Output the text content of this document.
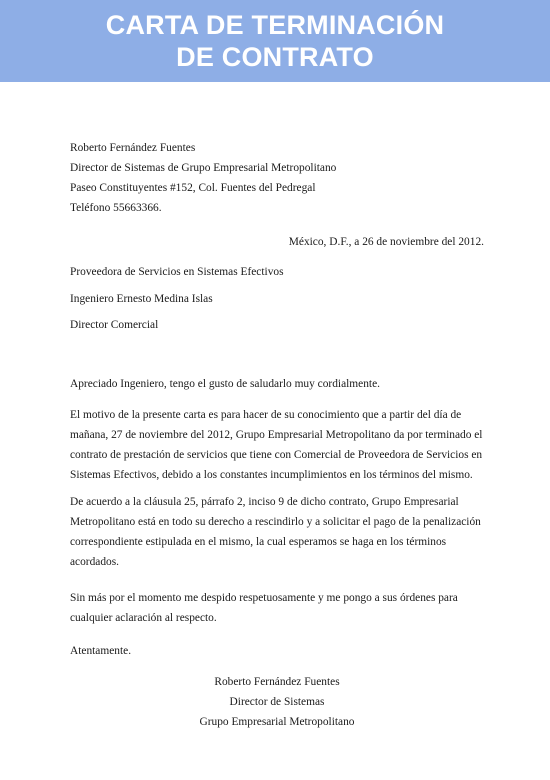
CARTA DE TERMINACIÓN
DE CONTRATO
Roberto Fernández Fuentes
Director de Sistemas de Grupo Empresarial Metropolitano
Paseo Constituyentes #152, Col. Fuentes del Pedregal
Teléfono 55663366.
México, D.F., a 26 de noviembre del 2012.
Proveedora de Servicios en Sistemas Efectivos
Ingeniero Ernesto Medina Islas
Director Comercial
Apreciado Ingeniero, tengo el gusto de saludarlo muy cordialmente.
El motivo de la presente carta es para hacer de su conocimiento que a partir del día de
mañana, 27 de noviembre del 2012, Grupo Empresarial Metropolitano da por terminado el
contrato de prestación de servicios que tiene con Comercial de Proveedora de Servicios en
Sistemas Efectivos, debido a los constantes incumplimientos en los términos del mismo.
De acuerdo a la cláusula 25, párrafo 2, inciso 9 de dicho contrato, Grupo Empresarial
Metropolitano está en todo su derecho a rescindirlo y a solicitar el pago de la penalización
correspondiente estipulada en el mismo, la cual esperamos se haga en los términos
acordados.
Sin más por el momento me despido respetuosamente y me pongo a sus órdenes para
cualquier aclaración al respecto.
Atentamente.
Roberto Fernández Fuentes
Director de Sistemas
Grupo Empresarial Metropolitano
